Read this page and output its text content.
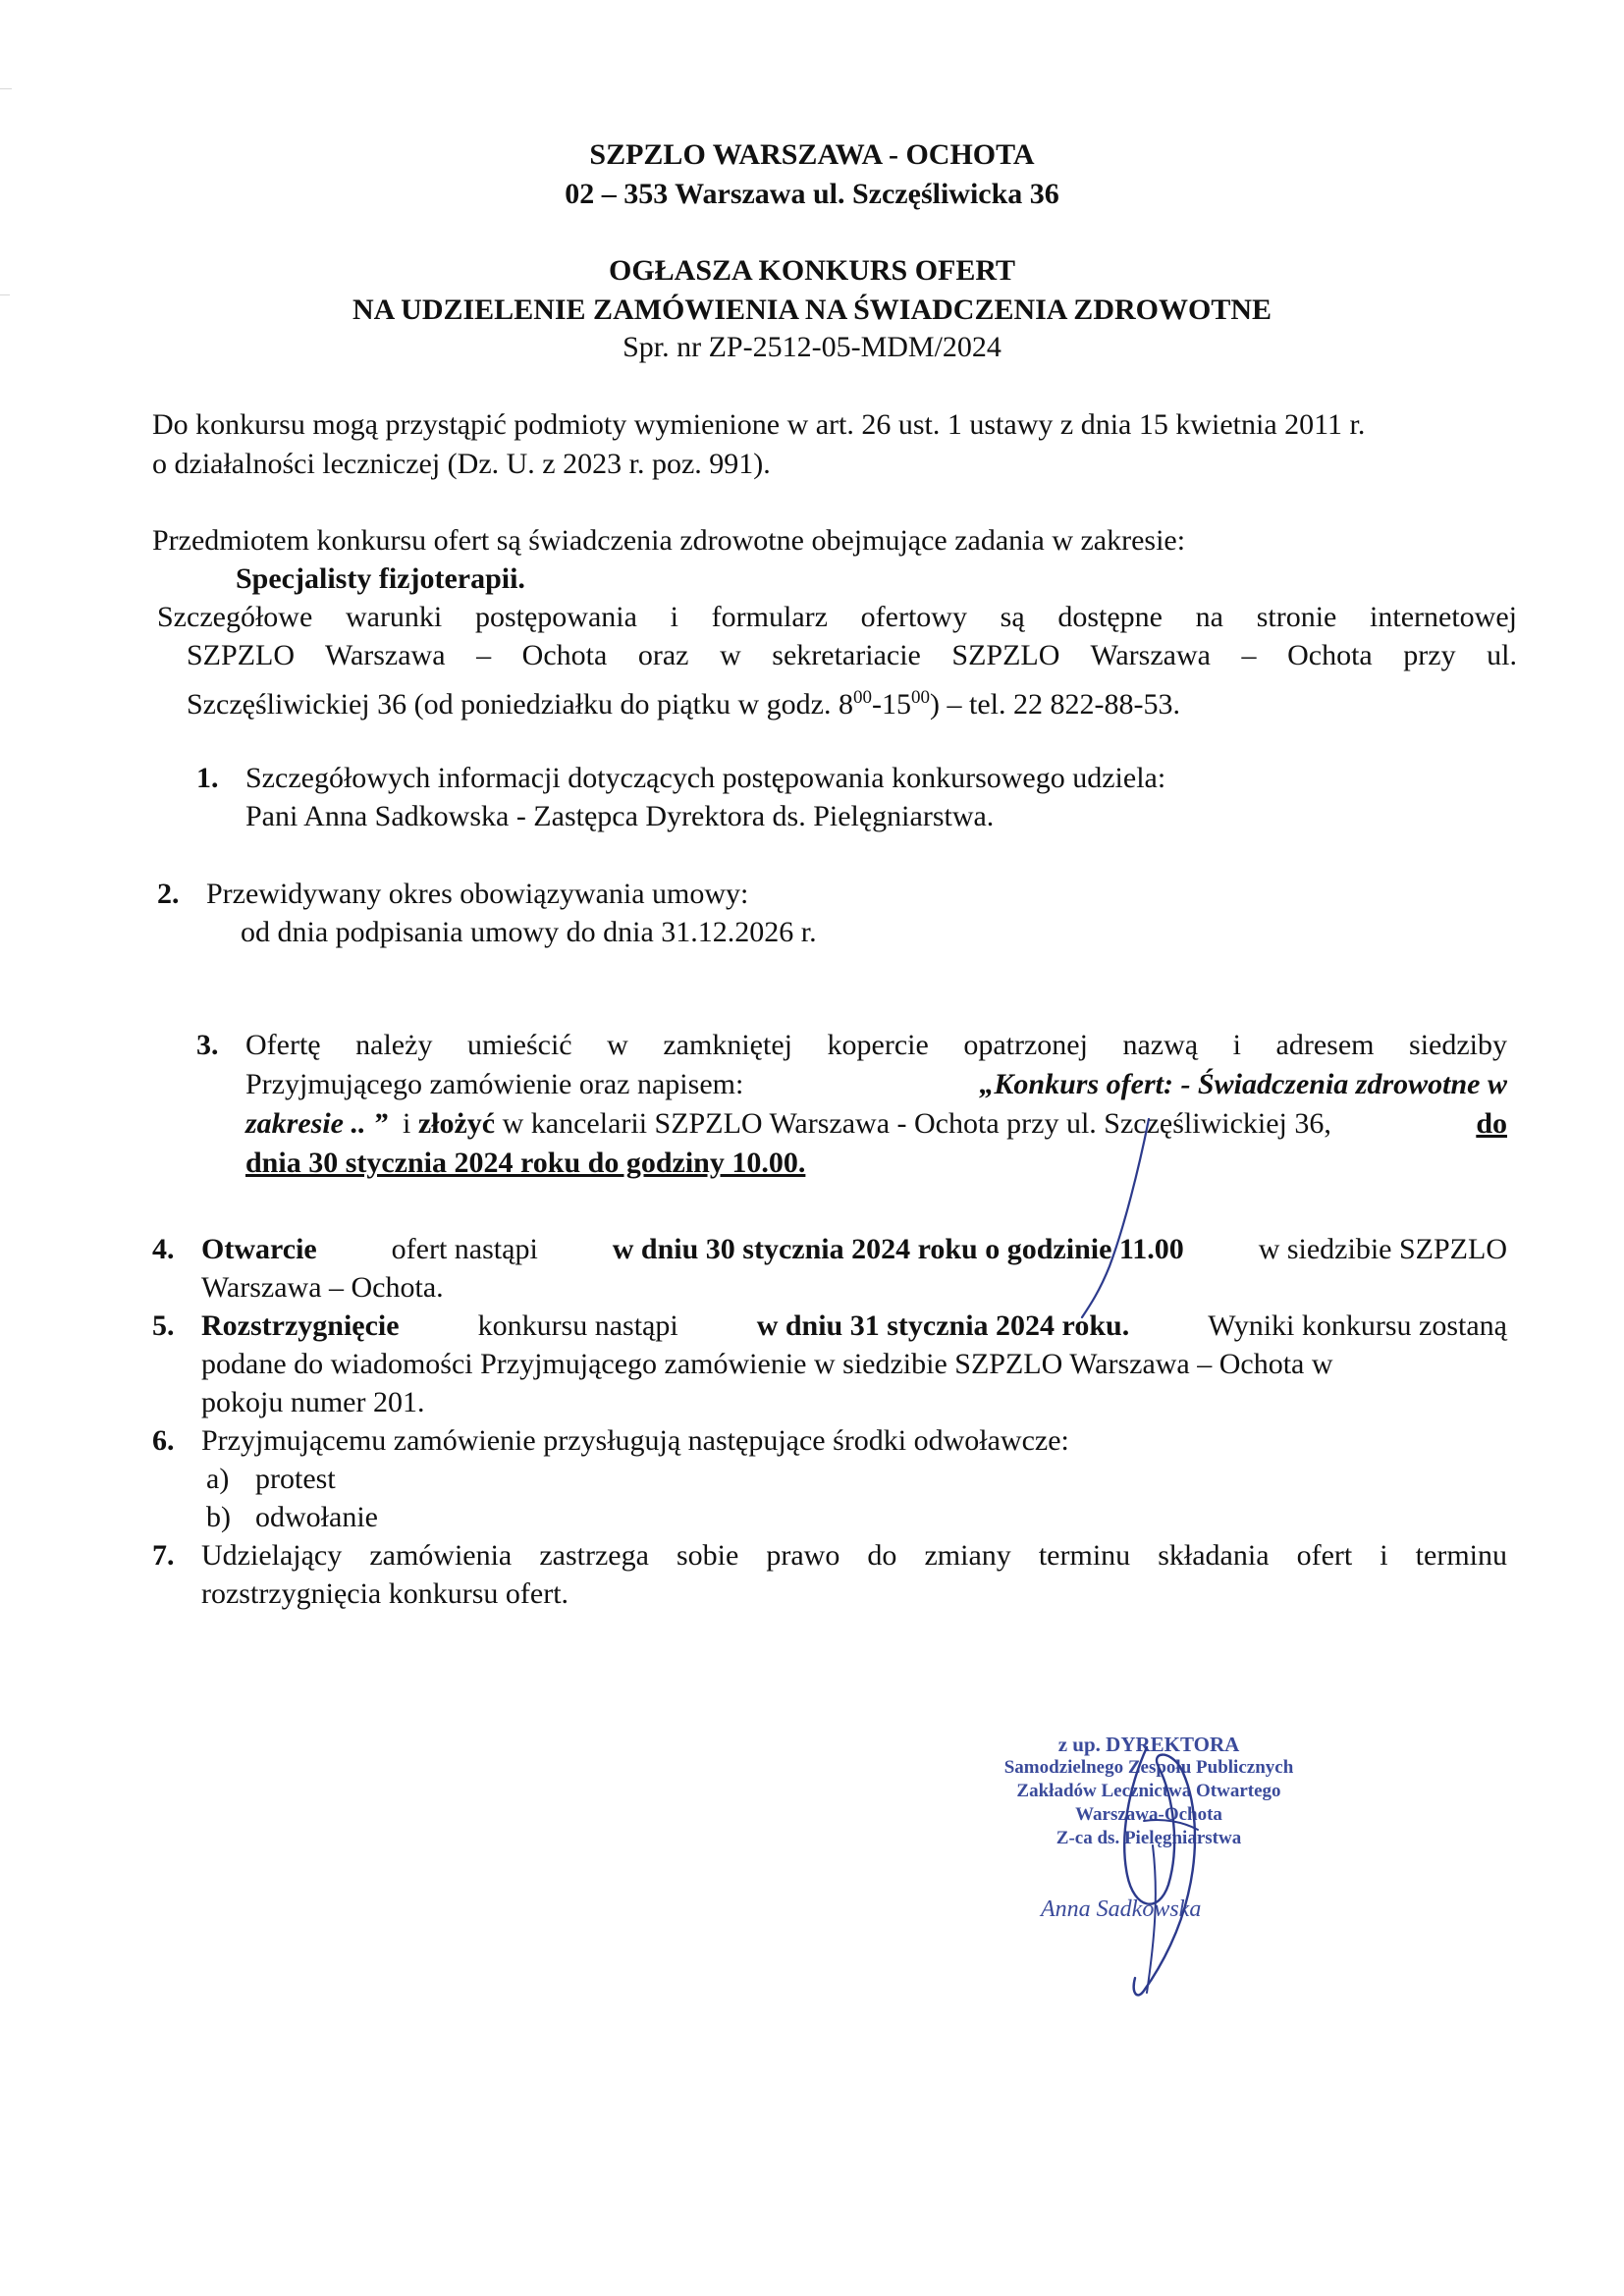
SZPZLO WARSZAWA - OCHOTA
02 – 353 Warszawa ul. Szczęśliwicka 36
OGŁASZA KONKURS OFERT
NA UDZIELENIE ZAMÓWIENIA NA ŚWIADCZENIA ZDROWOTNE
Spr. nr ZP-2512-05-MDM/2024
Do konkursu mogą przystąpić podmioty wymienione w art. 26 ust. 1 ustawy z dnia 15 kwietnia 2011 r.
o działalności leczniczej (Dz. U. z 2023 r. poz. 991).
Przedmiotem konkursu ofert są świadczenia zdrowotne obejmujące zadania w zakresie:
Specjalisty fizjoterapii.
Szczegółowe warunki postępowania i formularz ofertowy są dostępne na stronie internetowej
SZPZLO Warszawa – Ochota oraz w sekretariacie SZPZLO Warszawa – Ochota przy ul.
Szczęśliwickiej 36 (od poniedziałku do piątku w godz. $8^{00}-15^{00}$) – tel. 22 822-88-53.
1. Szczegółowych informacji dotyczących postępowania konkursowego udziela:
Pani Anna Sadkowska - Zastępca Dyrektora ds. Pielęgniarstwa.
2. Przewidywany okres obowiązywania umowy:
od dnia podpisania umowy do dnia 31.12.2026 r.
3. Ofertę należy umieścić w zamkniętej kopercie opatrzonej nazwą i adresem siedziby
Przyjmującego zamówienie oraz napisem:	„Konkurs ofert: - Świadczenia zdrowotne w
zakresie .. ” i złożyć w kancelarii SZPZLO Warszawa - Ochota przy ul. Szczęśliwickiej 36,	do
dnia 30 stycznia 2024 roku do godziny 10.00.
4. Otwarcie	ofert nastąpi	w dniu 30 stycznia 2024 roku o godzinie 11.00	w siedzibie SZPZLO
Warszawa – Ochota.
5. Rozstrzygnięcie	konkursu nastąpi	w dniu 31 stycznia 2024 roku.	Wyniki konkursu zostaną
podane do wiadomości Przyjmującego zamówienie w siedzibie SZPZLO Warszawa – Ochota w
pokoju numer 201.
6. Przyjmującemu zamówienie przysługują następujące środki odwoławcze:
a) protest
b) odwołanie
7. Udzielający zamówienia zastrzega sobie prawo do zmiany terminu składania ofert i terminu
rozstrzygnięcia konkursu ofert.
z up. DYREKTORA
Samodzielnego Zespołu Publicznych
Zakładów Lecznictwa Otwartego
Warszawa-Ochota
Z-ca ds. Pielęgniarstwa
Anna Sadkowska
